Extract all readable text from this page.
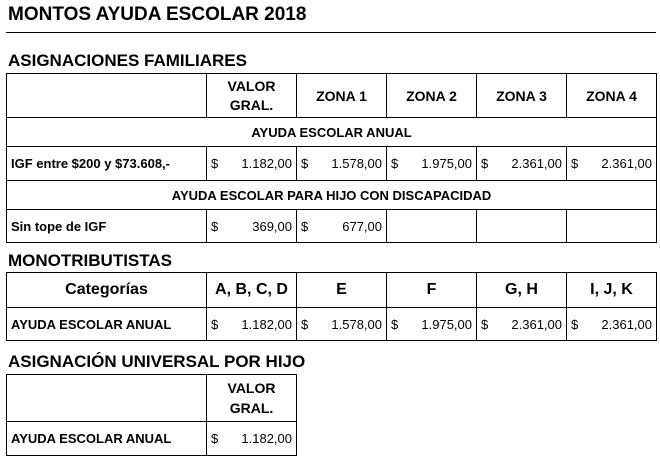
MONTOS AYUDA ESCOLAR 2018
ASIGNACIONES FAMILIARES
	VALOR GRAL.	ZONA 1	ZONA 2	ZONA 3	ZONA 4
AYUDA ESCOLAR ANUAL					
IGF entre $200 y $73.608,-	$ 1.182,00	$ 1.578,00	$ 1.975,00	$ 2.361,00	$ 2.361,00

AYUDA ESCOLAR PARA HIJO CON DISCAPACIDAD					
Sin tope de IGF	$ 369,00	$ 677,00			

MONOTRIBUTISTAS
Categorías	A, B, C, D	E	F	G, H	I, J, K
AYUDA ESCOLAR ANUAL	$ 1.182,00	$ 1.578,00	$ 1.975,00	$ 2.361,00	$ 2.361,00
ASIGNACIÓN UNIVERSAL POR HIJO
	VALOR GRAL.
AYUDA ESCOLAR ANUAL	$ 1.182,00
